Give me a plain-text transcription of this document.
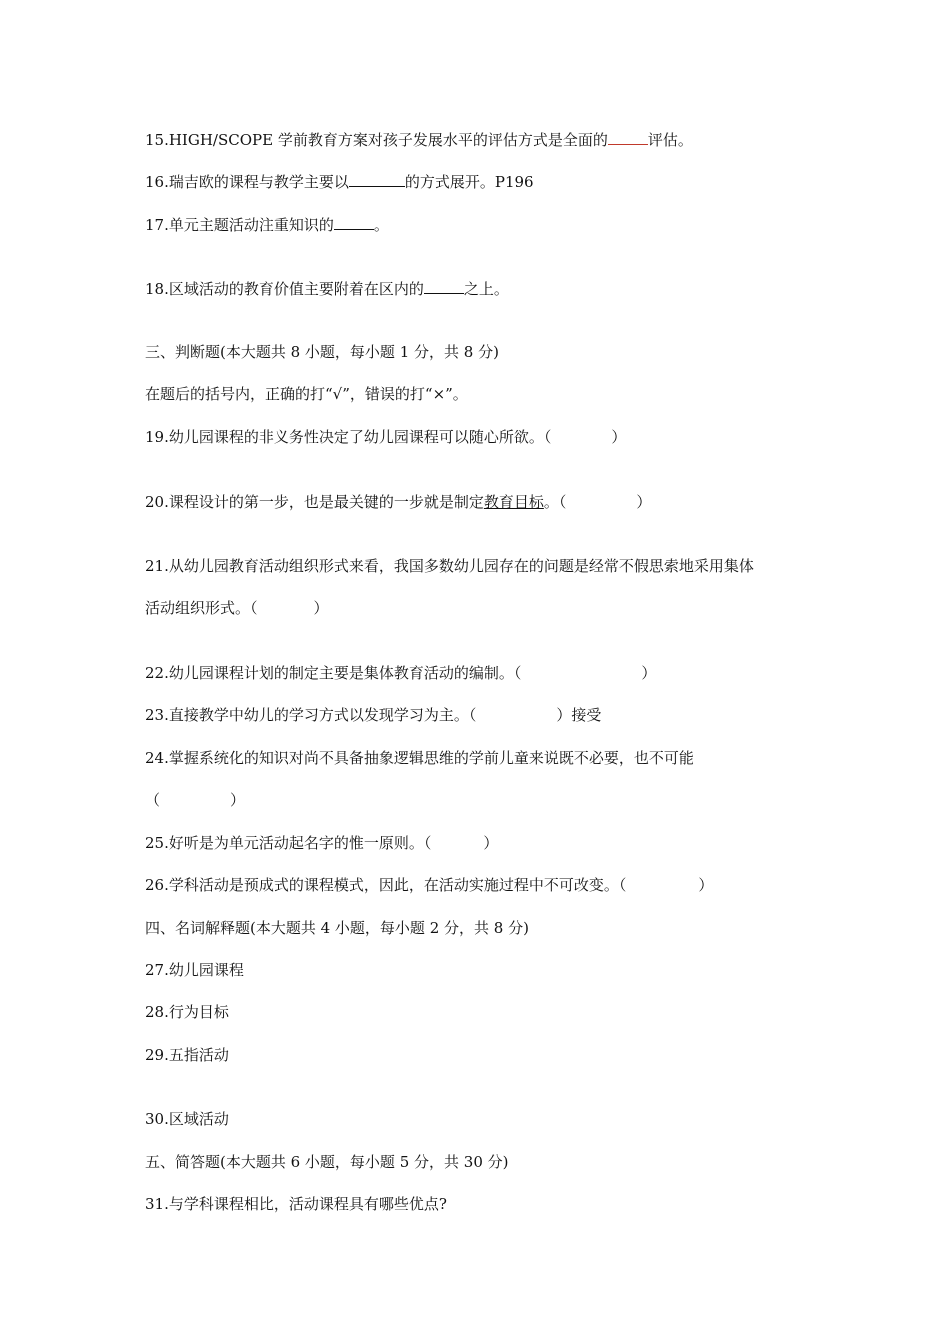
15.HIGH/SCOPE 学前教育方案对孩子发展水平的评估方式是全面的	评估。

16.瑞吉欧的课程与教学主要以	的方式展开。P196

17.单元主题活动注重知识的	。

18.区域活动的教育价值主要附着在区内的	之上。

三、判断题(本大题共 8 小题，每小题 1 分，共 8 分)

在题后的括号内，正确的打“√”，错误的打“×”。

19.幼儿园课程的非义务性决定了幼儿园课程可以随心所欲。（	）

20.课程设计的第一步，也是最关键的一步就是制定教育目标。（	）

21.从幼儿园教育活动组织形式来看，我国多数幼儿园存在的问题是经常不假思索地采用集体

活动组织形式。（	）

22.幼儿园课程计划的制定主要是集体教育活动的编制。（	）

23.直接教学中幼儿的学习方式以发现学习为主。（	）接受

24.掌握系统化的知识对尚不具备抽象逻辑思维的学前儿童来说既不必要，也不可能

（	）

25.好听是为单元活动起名字的惟一原则。（	）

26.学科活动是预成式的课程模式，因此，在活动实施过程中不可改变。（	）

四、名词解释题(本大题共 4 小题，每小题 2 分，共 8 分)

27.幼儿园课程

28.行为目标

29.五指活动

30.区域活动

五、简答题(本大题共 6 小题，每小题 5 分，共 30 分)

31.与学科课程相比，活动课程具有哪些优点?
